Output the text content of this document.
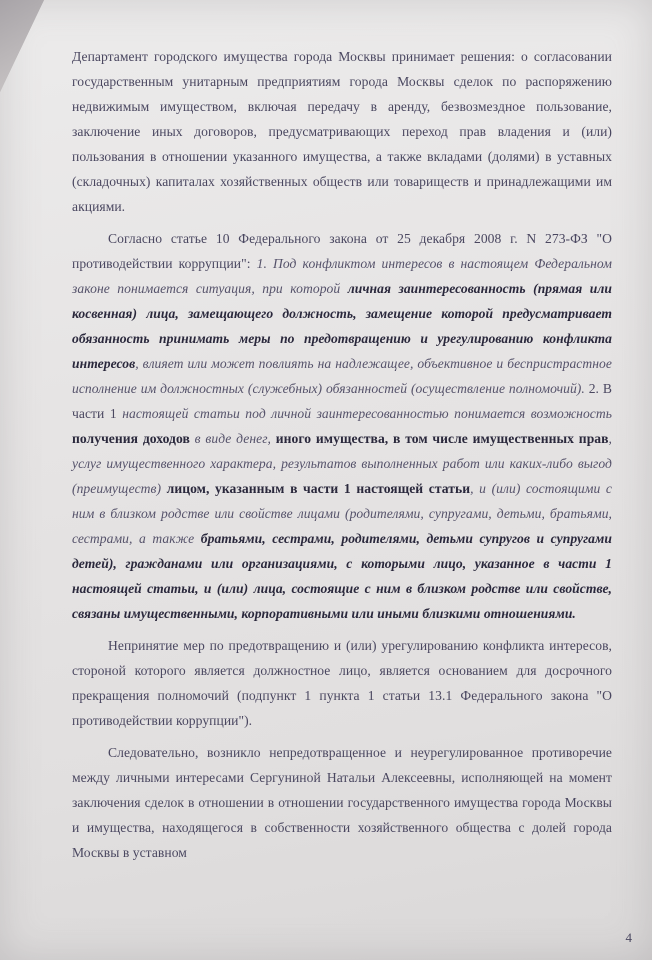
Департамент городского имущества города Москвы принимает решения: о согласовании государственным унитарным предприятиям города Москвы сделок по распоряжению недвижимым имуществом, включая передачу в аренду, безвозмездное пользование, заключение иных договоров, предусматривающих переход прав владения и (или) пользования в отношении указанного имущества, а также вкладами (долями) в уставных (складочных) капиталах хозяйственных обществ или товариществ и принадлежащими им акциями.

Согласно статье 10 Федерального закона от 25 декабря 2008 г. N 273-ФЗ "О противодействии коррупции": 1. Под конфликтом интересов в настоящем Федеральном законе понимается ситуация, при которой личная заинтересованность (прямая или косвенная) лица, замещающего должность, замещение которой предусматривает обязанность принимать меры по предотвращению и урегулированию конфликта интересов, влияет или может повлиять на надлежащее, объективное и беспристрастное исполнение им должностных (служебных) обязанностей (осуществление полномочий). 2. В части 1 настоящей статьи под личной заинтересованностью понимается возможность получения доходов в виде денег, иного имущества, в том числе имущественных прав, услуг имущественного характера, результатов выполненных работ или каких-либо выгод (преимуществ) лицом, указанным в части 1 настоящей статьи, и (или) состоящими с ним в близком родстве или свойстве лицами (родителями, супругами, детьми, братьями, сестрами, а также братьями, сестрами, родителями, детьми супругов и супругами детей), гражданами или организациями, с которыми лицо, указанное в части 1 настоящей статьи, и (или) лица, состоящие с ним в близком родстве или свойстве, связаны имущественными, корпоративными или иными близкими отношениями.

Непринятие мер по предотвращению и (или) урегулированию конфликта интересов, стороной которого является должностное лицо, является основанием для досрочного прекращения полномочий (подпункт 1 пункта 1 статьи 13.1 Федерального закона "О противодействии коррупции").

Следовательно, возникло непредотвращенное и неурегулированное противоречие между личными интересами Сергуниной Натальи Алексеевны, исполняющей на момент заключения сделок в отношении в отношении государственного имущества города Москвы и имущества, находящегося в собственности хозяйственного общества с долей города Москвы в уставном

4
